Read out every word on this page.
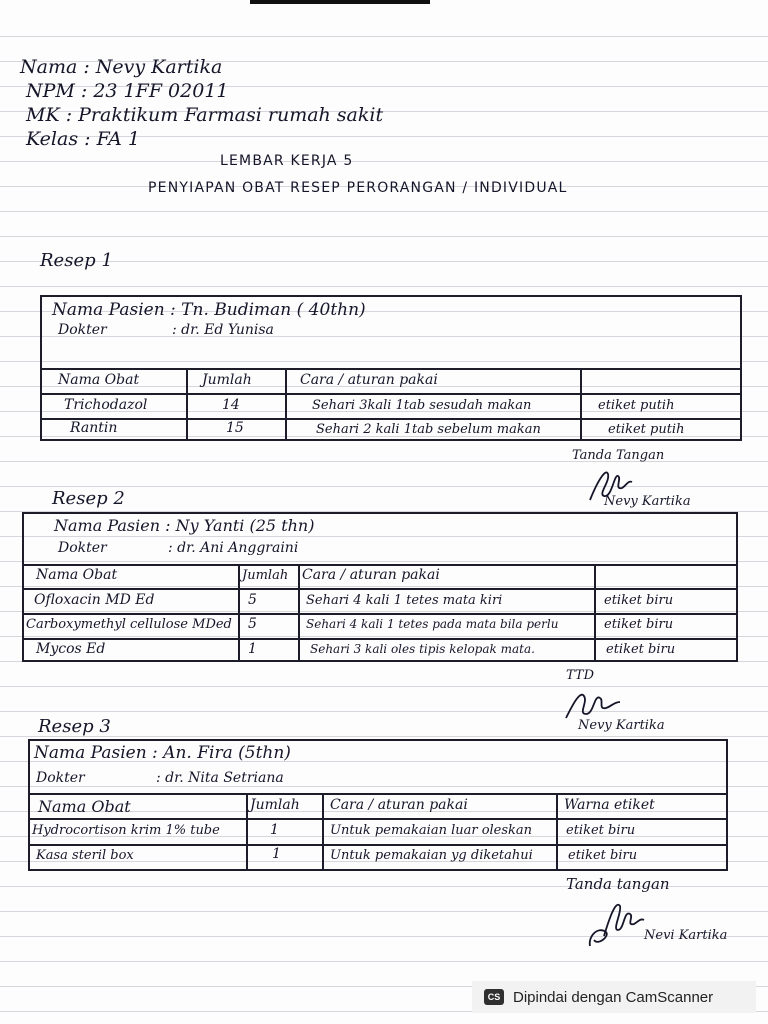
Nama : Nevy Kartika
NPM : 23 1FF 02011
MK : Praktikum Farmasi rumah sakit
Kelas : FA 1
LEMBAR KERJA 5
PENYIAPAN OBAT RESEP PERORANGAN / INDIVIDUAL
Resep 1
Nama Pasien : Tn. Budiman ( 40thn)
Dokter	: dr. Ed Yunisa
Nama Obat	Jumlah	Cara / aturan pakai
Trichodazol	14	Sehari 3kali 1tab sesudah makan	etiket putih
Rantin	15	Sehari 2 kali 1tab sebelum makan	etiket putih
Tanda Tangan
Nevy Kartika
Resep 2
Nama Pasien : Ny Yanti (25 thn)
Dokter	: dr. Ani Anggraini
Nama Obat	Jumlah Cara / aturan pakai
Ofloxacin MD Ed	5	Sehari 4 kali 1 tetes mata kiri	etiket biru
Carboxymethyl cellulose MDed 5	Sehari 4 kali 1 tetes pada mata bila perlu	etiket biru
Mycos Ed	1	Sehari 3 kali oles tipis kelopak mata.	etiket biru
TTD
Nevy Kartika
Resep 3
Nama Pasien : An. Fira (5thn)
Dokter	: dr. Nita Setriana
Nama Obat	Jumlah Cara / aturan pakai	Warna etiket
Hydrocortison krim 1% tube	1	Untuk pemakaian luar oleskan	etiket biru
Kasa steril box	1	Untuk pemakaian yg diketahui	etiket biru
Tanda tangan
Nevi Kartika
CS Dipindai dengan CamScanner
